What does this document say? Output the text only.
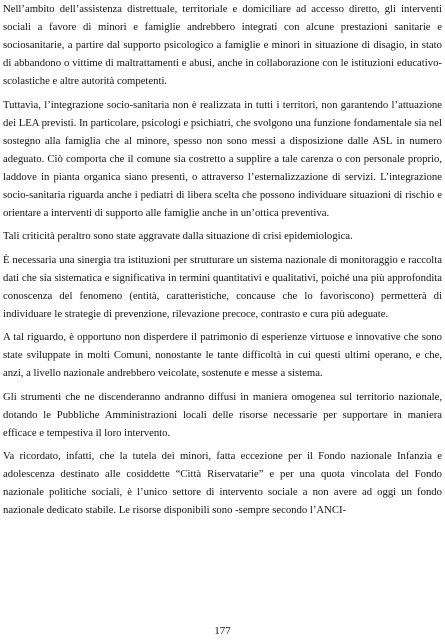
Nell’ambito dell’assistenza distrettuale, territoriale e domiciliare ad accesso diretto, gli interventi sociali a favore di minori e famiglie andrebbero integrati con alcune prestazioni sanitarie e sociosanitarie, a partire dal supporto psicologico a famiglie e minori in situazione di disagio, in stato di abbandono o vittime di maltrattamenti e abusi, anche in collaborazione con le istituzioni educativo-scolastiche e altre autorità competenti.

Tuttavia, l’integrazione socio-sanitaria non è realizzata in tutti i territori, non garantendo l’attuazione dei LEA previsti. In particolare, psicologi e psichiatri, che svolgono una funzione fondamentale sia nel sostegno alla famiglia che al minore, spesso non sono messi a disposizione dalle ASL in numero adeguato. Ciò comporta che il comune sia costretto a supplire a tale carenza o con personale proprio, laddove in pianta organica siano presenti, o attraverso l’esternalizzazione di servizi. L’integrazione socio-sanitaria riguarda anche i pediatri di libera scelta che possono individuare situazioni di rischio e orientare a interventi di supporto alle famiglie anche in un’ottica preventiva.

Tali criticità peraltro sono state aggravate dalla situazione di crisi epidemiologica.

È necessaria una sinergia tra istituzioni per strutturare un sistema nazionale di monitoraggio e raccolta dati che sia sistematica e significativa in termini quantitativi e qualitativi, poiché una più approfondita conoscenza del fenomeno (entità, caratteristiche, concause che lo favoriscono) permetterà di individuare le strategie di prevenzione, rilevazione precoce, contrasto e cura più adeguate.

A tal riguardo, è opportuno non disperdere il patrimonio di esperienze virtuose e innovative che sono state sviluppate in molti Comuni, nonostante le tante difficoltà in cui questi ultimi operano, e che, anzi, a livello nazionale andrebbero veicolate, sostenute e messe a sistema.

Gli strumenti che ne discenderanno andranno diffusi in maniera omogenea sul territorio nazionale, dotando le Pubbliche Amministrazioni locali delle risorse necessarie per supportare in maniera efficace e tempestiva il loro intervento.

Va ricordato, infatti, che la tutela dei minori, fatta eccezione per il Fondo nazionale Infanzia e adolescenza destinato alle cosiddette “Città Riservatarie” e per una quota vincolata del Fondo nazionale politiche sociali, è l’unico settore di intervento sociale a non avere ad oggi un fondo nazionale dedicato stabile. Le risorse disponibili sono -sempre secondo l’ANCI-

177
